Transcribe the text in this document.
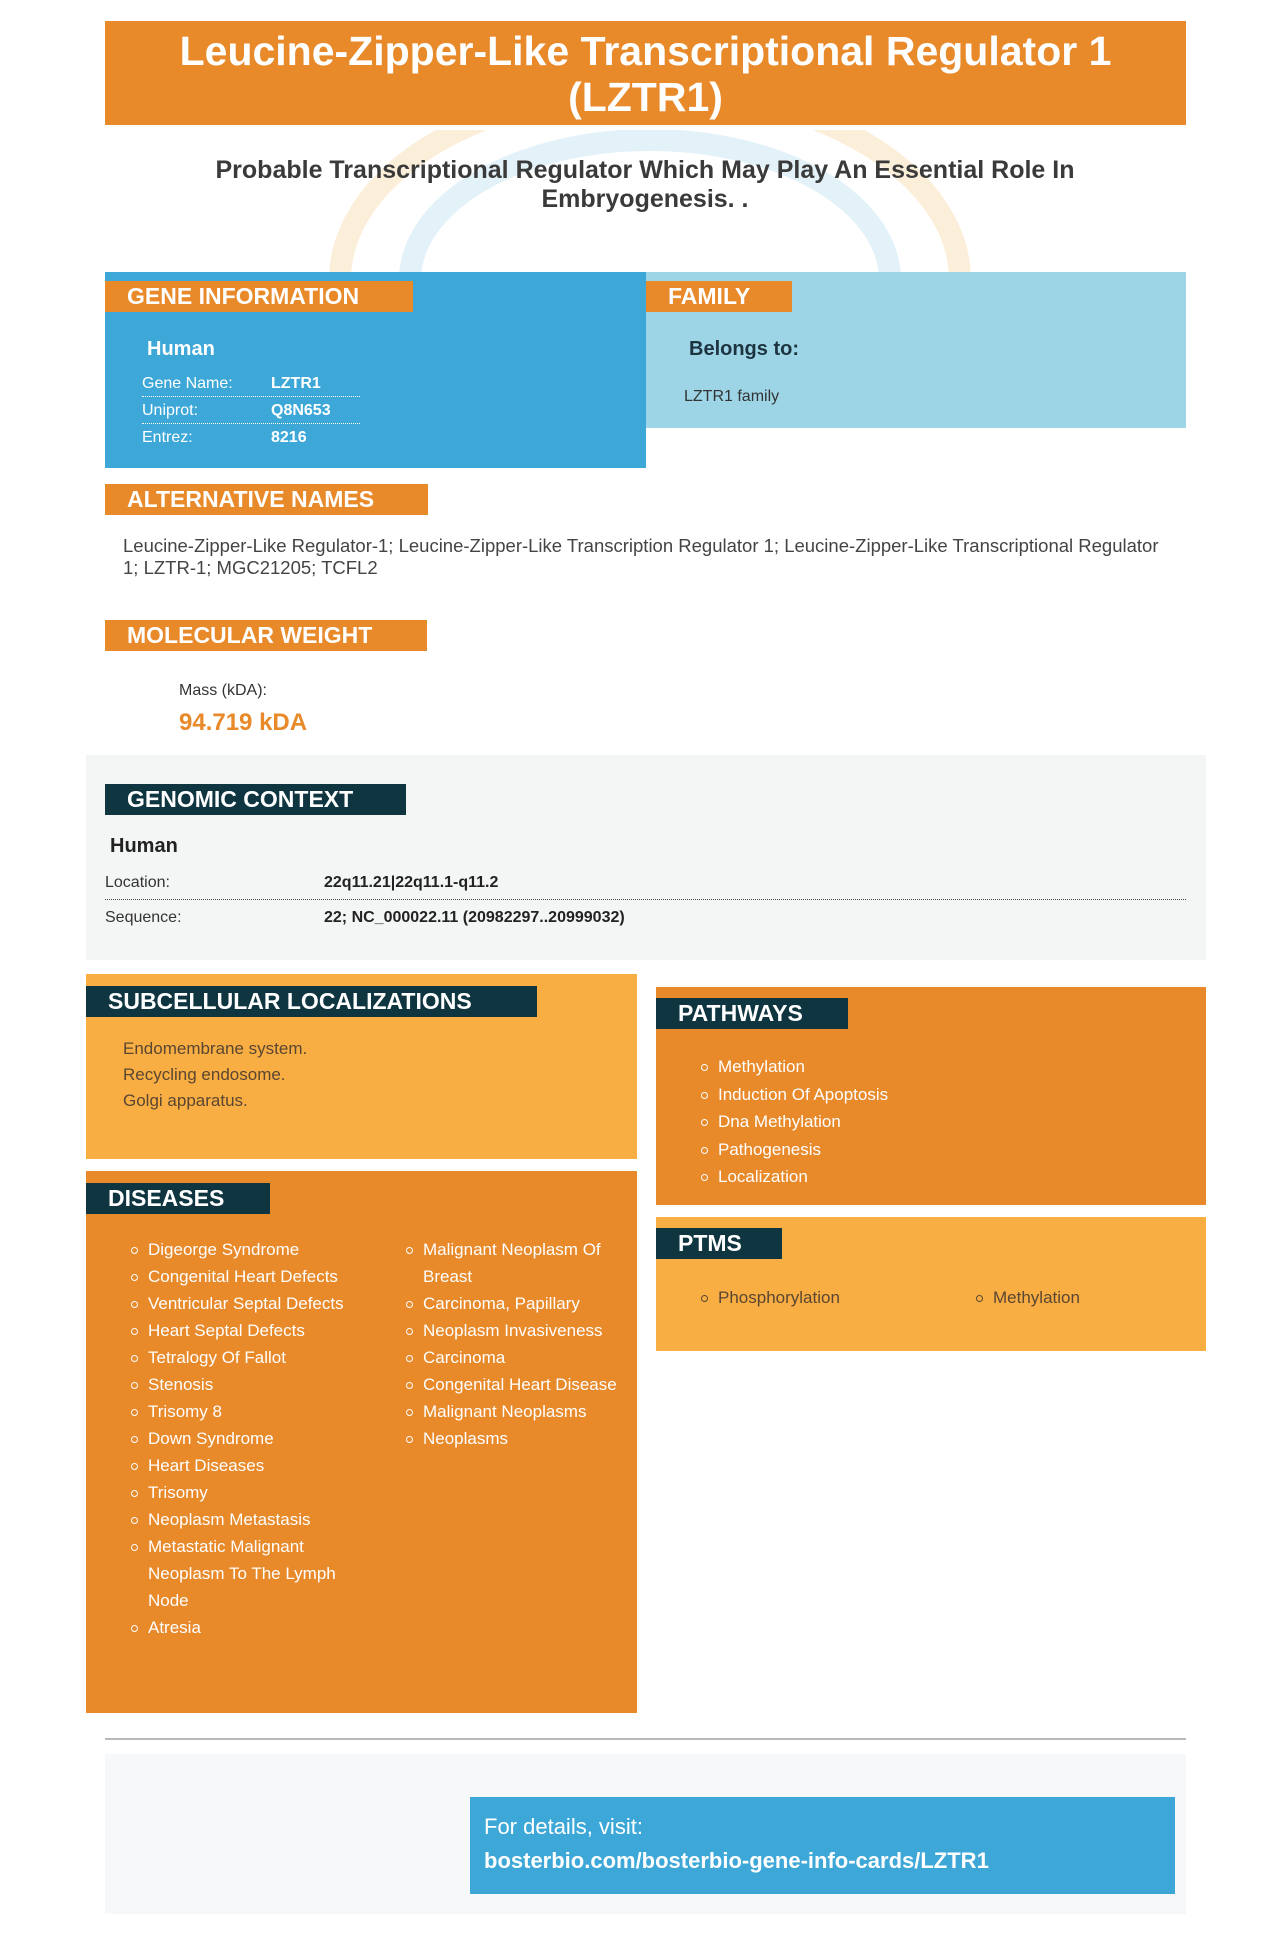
Leucine-Zipper-Like Transcriptional Regulator 1 (LZTR1)
Probable Transcriptional Regulator Which May Play An Essential Role In Embryogenesis. .
GENE INFORMATION
Human
Gene Name: LZTR1
Uniprot:	Q8N653
Entrez:	8216
FAMILY
Belongs to:
LZTR1 family
ALTERNATIVE NAMES
Leucine-Zipper-Like Regulator-1; Leucine-Zipper-Like Transcription Regulator 1; Leucine-Zipper-Like Transcriptional Regulator 1; LZTR-1; MGC21205; TCFL2
MOLECULAR WEIGHT
Mass (kDA):
94.719 kDA
GENOMIC CONTEXT
Human
Location:	22q11.21|22q11.1-q11.2
Sequence:	22; NC_000022.11 (20982297..20999032)
SUBCELLULAR LOCALIZATIONS
Endomembrane system.
Recycling endosome.
Golgi apparatus.
PATHWAYS
Methylation
Induction Of Apoptosis
Dna Methylation
Pathogenesis
Localization
PTMS
Phosphorylation	Methylation
DISEASES
Digeorge Syndrome
Congenital Heart Defects
Ventricular Septal Defects
Heart Septal Defects
Tetralogy Of Fallot
Stenosis
Trisomy 8
Down Syndrome
Heart Diseases
Trisomy
Neoplasm Metastasis
Metastatic Malignant Neoplasm To The Lymph Node
Atresia
Malignant Neoplasm Of Breast
Carcinoma, Papillary
Neoplasm Invasiveness
Carcinoma
Congenital Heart Disease
Malignant Neoplasms
Neoplasms
For details, visit:
bosterbio.com/bosterbio-gene-info-cards/LZTR1
